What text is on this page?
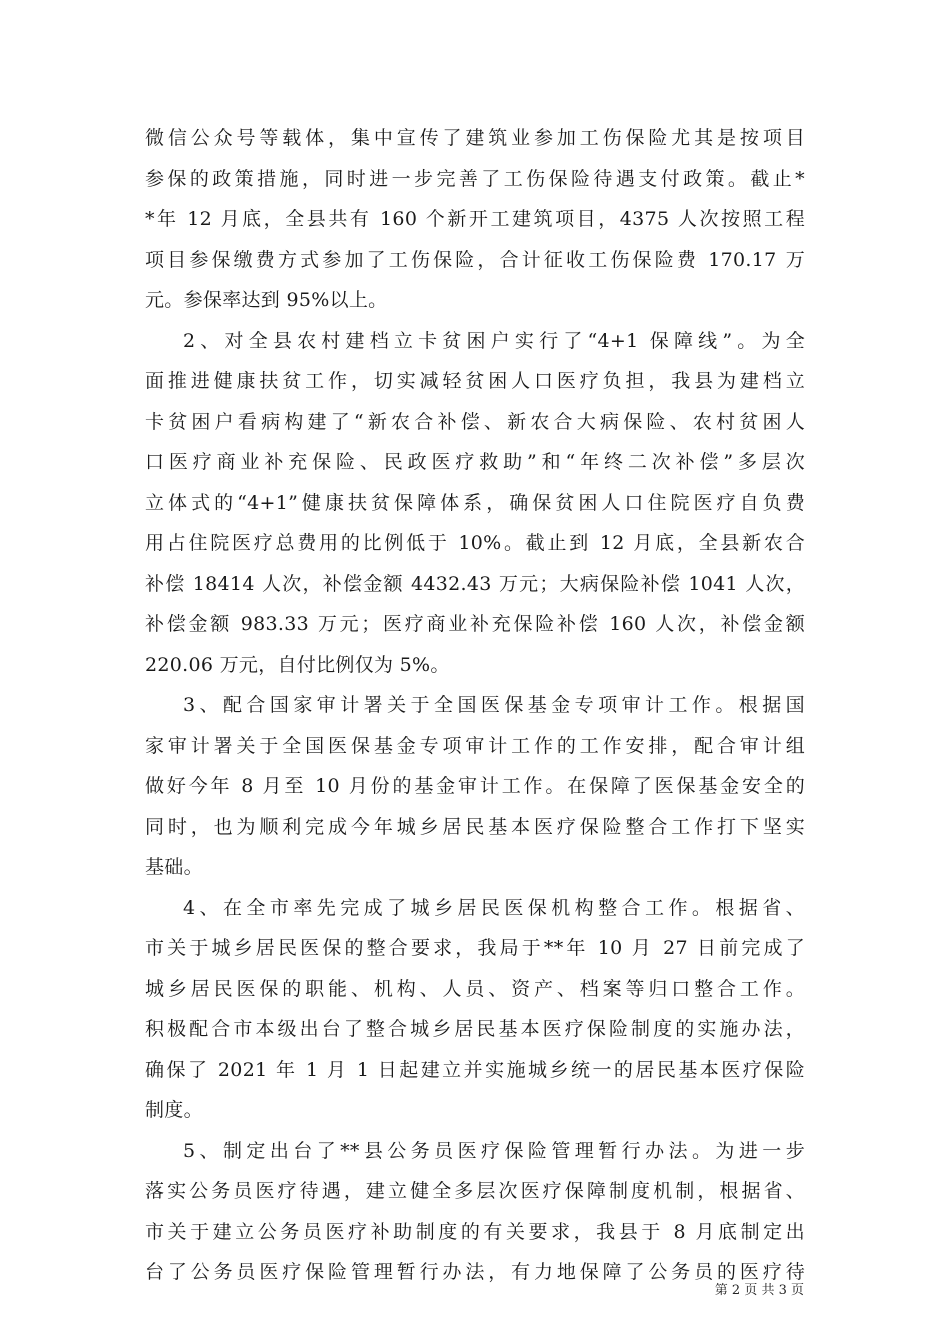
微信公众号等载体，集中宣传了建筑业参加工伤保险尤其是按项目
参保的政策措施，同时进一步完善了工伤保险待遇支付政策。截止*
*年 12 月底，全县共有 160 个新开工建筑项目，4375 人次按照工程
项目参保缴费方式参加了工伤保险，合计征收工伤保险费 170.17 万
元。参保率达到 95%以上。
2、对全县农村建档立卡贫困户实行了“4+1 保障线”。为全
面推进健康扶贫工作，切实减轻贫困人口医疗负担，我县为建档立
卡贫困户看病构建了“新农合补偿、新农合大病保险、农村贫困人
口医疗商业补充保险、民政医疗救助”和“年终二次补偿”多层次
立体式的“4+1”健康扶贫保障体系，确保贫困人口住院医疗自负费
用占住院医疗总费用的比例低于 10%。截止到 12 月底，全县新农合
补偿 18414 人次，补偿金额 4432.43 万元；大病保险补偿 1041 人次，
补偿金额 983.33 万元；医疗商业补充保险补偿 160 人次，补偿金额
220.06 万元，自付比例仅为 5%。
3、配合国家审计署关于全国医保基金专项审计工作。根据国
家审计署关于全国医保基金专项审计工作的工作安排，配合审计组
做好今年 8 月至 10 月份的基金审计工作。在保障了医保基金安全的
同时，也为顺利完成今年城乡居民基本医疗保险整合工作打下坚实
基础。
4、在全市率先完成了城乡居民医保机构整合工作。根据省、
市关于城乡居民医保的整合要求，我局于**年 10 月 27 日前完成了
城乡居民医保的职能、机构、人员、资产、档案等归口整合工作。
积极配合市本级出台了整合城乡居民基本医疗保险制度的实施办法，
确保了 2021 年 1 月 1 日起建立并实施城乡统一的居民基本医疗保险
制度。
5、制定出台了**县公务员医疗保险管理暂行办法。为进一步
落实公务员医疗待遇，建立健全多层次医疗保障制度机制，根据省、
市关于建立公务员医疗补助制度的有关要求，我县于 8 月底制定出
台了公务员医疗保险管理暂行办法，有力地保障了公务员的医疗待
第 2 页 共 3 页
